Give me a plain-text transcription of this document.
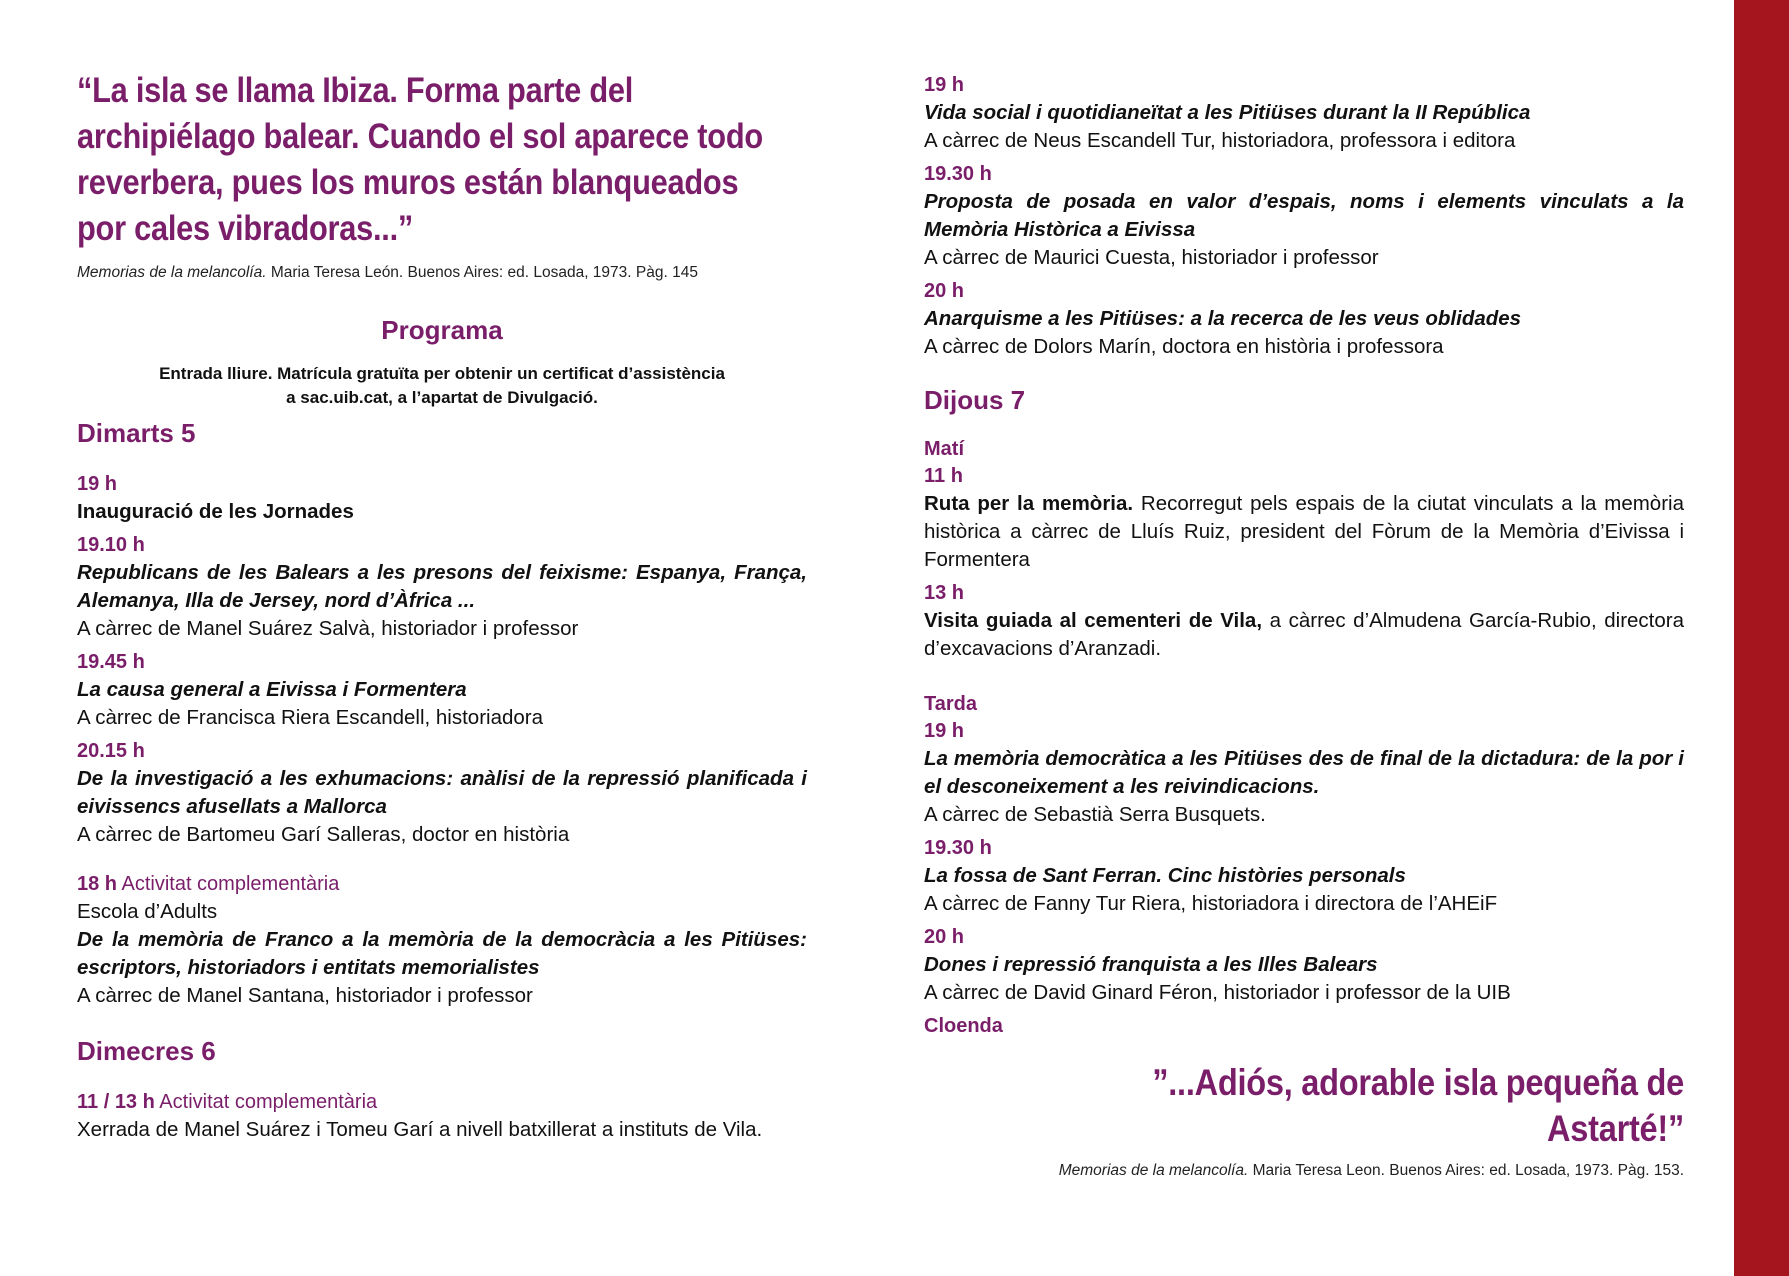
“La isla se llama Ibiza. Forma parte del
archipiélago balear. Cuando el sol aparece todo
reverbera, pues los muros están blanqueados
por cales vibradoras...”

Memorias de la melancolía. Maria Teresa León. Buenos Aires: ed. Losada, 1973. Pàg. 145

Programa

Entrada lliure. Matrícula gratuïta per obtenir un certificat d’assistència

a sac.uib.cat, a l’apartat de Divulgació.

Dimarts 5

19 h

Inauguració de les Jornades

19.10 h

Republicans de les Balears a les presons del feixisme: Espanya, França, Alemanya, Illa de Jersey, nord d’Àfrica ...

A càrrec de Manel Suárez Salvà, historiador i professor

19.45 h

La causa general a Eivissa i Formentera

A càrrec de Francisca Riera Escandell, historiadora

20.15 h

De la investigació a les exhumacions: anàlisi de la repressió planificada i eivissencs afusellats a Mallorca

A càrrec de Bartomeu Garí Salleras, doctor en història

18 h Activitat complementària

Escola d’Adults

De la memòria de Franco a la memòria de la democràcia a les Pitiüses: escriptors, historiadors i entitats memorialistes

A càrrec de Manel Santana, historiador i professor

Dimecres 6

11 / 13 h Activitat complementària

Xerrada de Manel Suárez i Tomeu Garí a nivell batxillerat a instituts de Vila.

19 h

Vida social i quotidianeïtat a les Pitiüses durant la II República

A càrrec de Neus Escandell Tur, historiadora, professora i editora

19.30 h

Proposta de posada en valor d’espais, noms i elements vinculats a la Memòria Històrica a Eivissa

A càrrec de Maurici Cuesta, historiador i professor

20 h

Anarquisme a les Pitiüses: a la recerca de les veus oblidades

A càrrec de Dolors Marín, doctora en història i professora

Dijous 7

Matí

11 h

Ruta per la memòria. Recorregut pels espais de la ciutat vinculats a la memòria històrica a càrrec de Lluís Ruiz, president del Fòrum de la Memòria d’Eivissa i Formentera

13 h

Visita guiada al cementeri de Vila, a càrrec d’Almudena García-Rubio, directora d’excavacions d’Aranzadi.

Tarda

19 h

La memòria democràtica a les Pitiüses des de final de la dictadura: de la por i el desconeixement a les reivindicacions.

A càrrec de Sebastià Serra Busquets.

19.30 h

La fossa de Sant Ferran. Cinc històries personals

A càrrec de Fanny Tur Riera, historiadora i directora de l’AHEiF

20 h

Dones i repressió franquista a les Illes Balears

A càrrec de David Ginard Féron, historiador i professor de la UIB

Cloenda

”...Adiós, adorable isla pequeña de Astarté!”

Memorias de la melancolía. Maria Teresa Leon. Buenos Aires: ed. Losada, 1973. Pàg. 153.
